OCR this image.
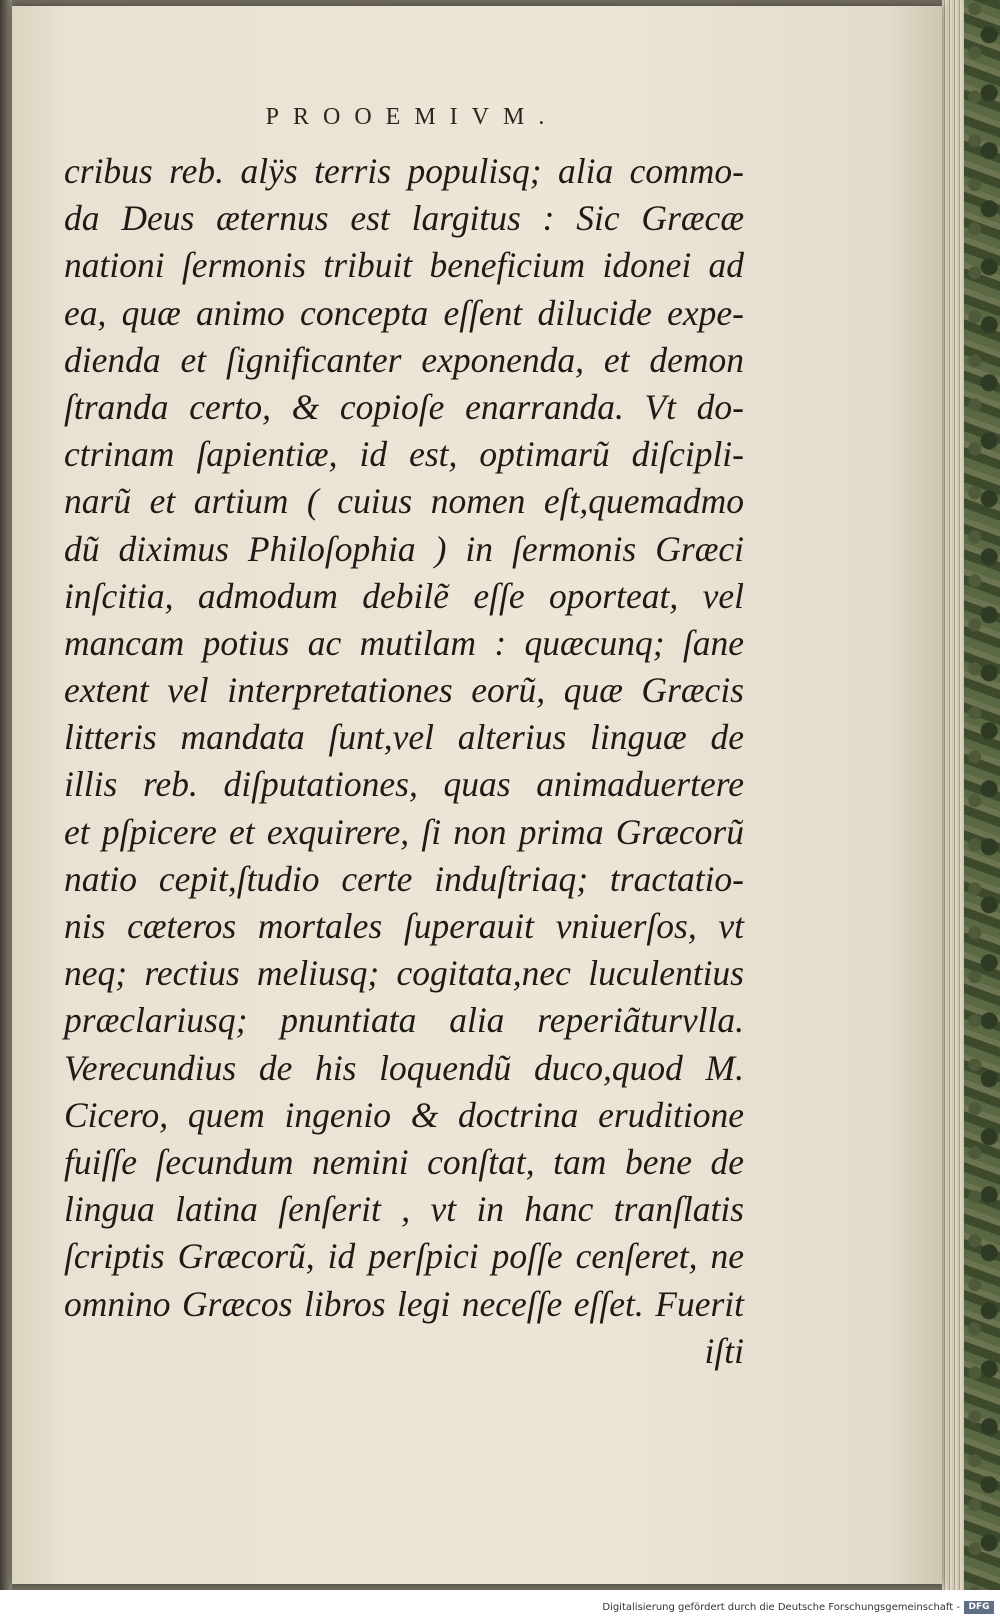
PROOEMIVM.
cribus reb. alÿs terris populisq; alia commo-
da Deus æternus est largitus : Sic Græcæ
nationi ſermonis tribuit beneficium idonei ad
ea, quæ animo concepta eſſent dilucide expe-
dienda et ſignificanter exponenda, et demon
ſtranda certo, & copioſe enarranda. Vt do-
ctrinam ſapientiæ, id est, optimarũ diſcipli-
narũ et artium ( cuius nomen eſt,quemadmo
dũ diximus Philoſophia ) in ſermonis Græci
inſcitia, admodum debilẽ eſſe oporteat, vel
mancam potius ac mutilam : quæcunq; ſane
extent vel interpretationes eorũ, quæ Græcis
litteris mandata ſunt,vel alterius linguæ de
illis reb. diſputationes, quas animaduertere
et pſpicere et exquirere, ſi non prima Græcorũ
natio cepit,ſtudio certe induſtriaq; tractatio-
nis cæteros mortales ſuperauit vniuerſos, vt
neq; rectius meliusq; cogitata,nec luculentius
præclariusq; pnuntiata alia reperiãturvlla.
Verecundius de his loquendũ duco,quod M.
Cicero, quem ingenio & doctrina eruditione
fuiſſe ſecundum nemini conſtat, tam bene de
lingua latina ſenſerit , vt in hanc tranſlatis
ſcriptis Græcorũ, id perſpici poſſe cenſeret, ne
omnino Græcos libros legi neceſſe eſſet. Fuerit
iſti
Digitalisierung gefördert durch die Deutsche Forschungsgemeinschaft - DFG
